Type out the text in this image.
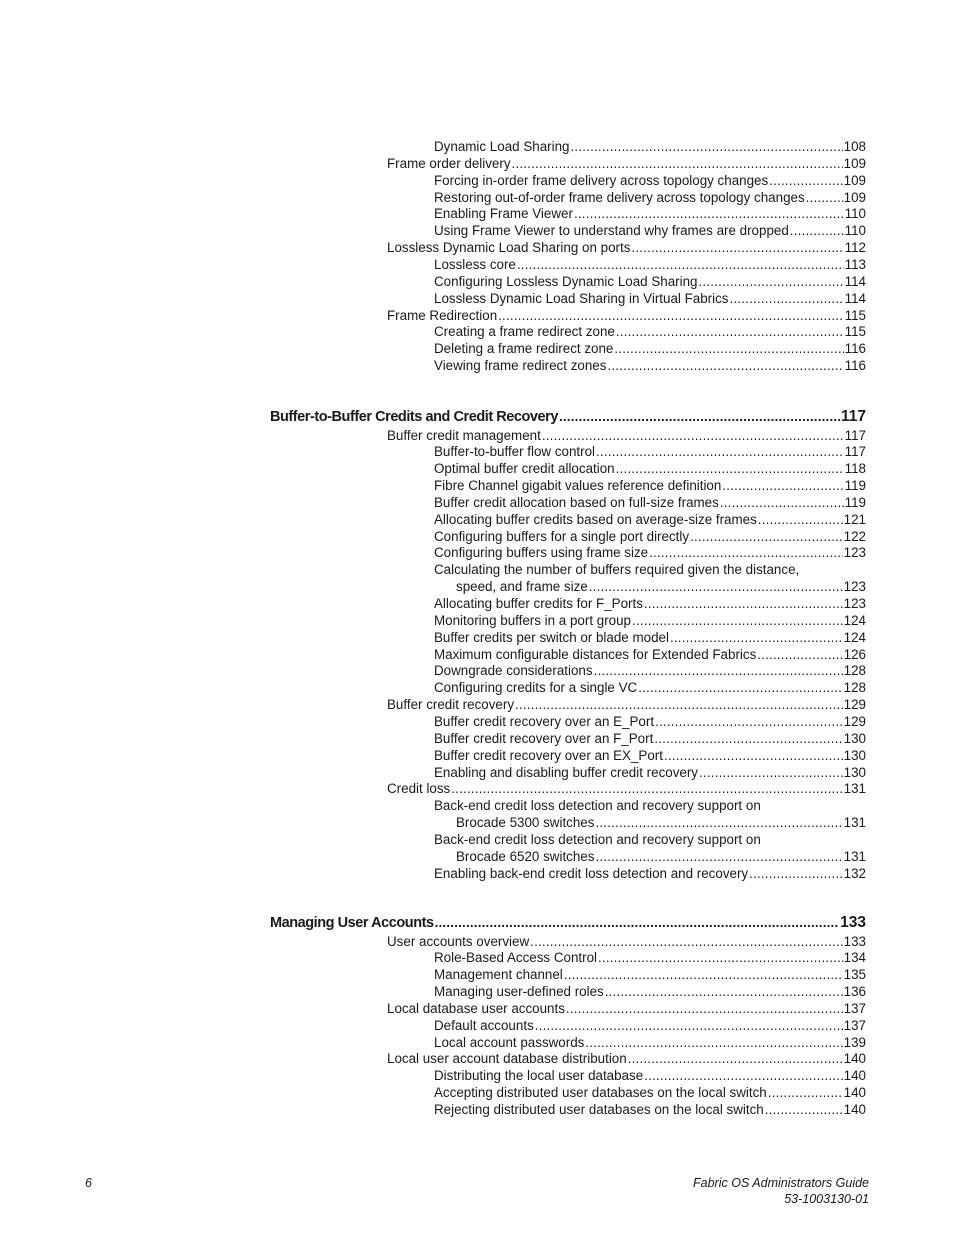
Dynamic Load Sharing .....	108
Frame order delivery .....	109
Forcing in-order frame delivery across topology changes .....	109
Restoring out-of-order frame delivery across topology changes .....	109
Enabling Frame Viewer .....	110
Using Frame Viewer to understand why frames are dropped .....	110
Lossless Dynamic Load Sharing on ports .....	112
Lossless core .....	113
Configuring Lossless Dynamic Load Sharing .....	114
Lossless Dynamic Load Sharing in Virtual Fabrics .....	114
Frame Redirection .....	115
Creating a frame redirect zone .....	115
Deleting a frame redirect zone .....	116
Viewing frame redirect zones .....	116
Buffer-to-Buffer Credits and Credit Recovery .....	117
Buffer credit management .....	117
Buffer-to-buffer flow control .....	117
Optimal buffer credit allocation .....	118
Fibre Channel gigabit values reference definition .....	119
Buffer credit allocation based on full-size frames .....	119
Allocating buffer credits based on average-size frames .....	121
Configuring buffers for a single port directly .....	122
Configuring buffers using frame size .....	123
Calculating the number of buffers required given the distance,
speed, and frame size .....	123
Allocating buffer credits for F_Ports .....	123
Monitoring buffers in a port group .....	124
Buffer credits per switch or blade model .....	124
Maximum configurable distances for Extended Fabrics .....	126
Downgrade considerations .....	128
Configuring credits for a single VC .....	128
Buffer credit recovery .....	129
Buffer credit recovery over an E_Port .....	129
Buffer credit recovery over an F_Port .....	130
Buffer credit recovery over an EX_Port .....	130
Enabling and disabling buffer credit recovery .....	130
Credit loss .....	131
Back-end credit loss detection and recovery support on
Brocade 5300 switches .....	131
Back-end credit loss detection and recovery support on
Brocade 6520 switches .....	131
Enabling back-end credit loss detection and recovery .....	132
Managing User Accounts .....	133
User accounts overview .....	133
Role-Based Access Control .....	134
Management channel .....	135
Managing user-defined roles .....	136
Local database user accounts .....	137
Default accounts .....	137
Local account passwords .....	139
Local user account database distribution .....	140
Distributing the local user database .....	140
Accepting distributed user databases on the local switch .....	140
Rejecting distributed user databases on the local switch .....	140
6	Fabric OS Administrators Guide
53-1003130-01
